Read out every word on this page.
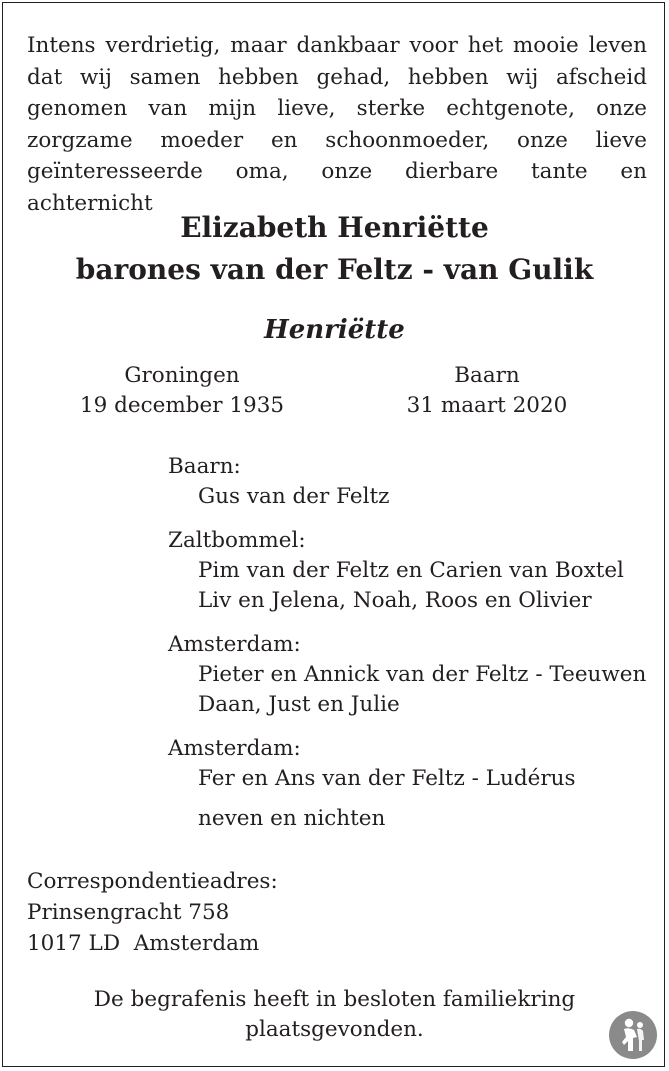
Intens verdrietig, maar dankbaar voor het mooie leven dat wij samen hebben gehad, hebben wij afscheid genomen van mijn lieve, sterke echtgenote, onze zorgzame moeder en schoonmoeder, onze lieve geïnteresseerde oma, onze dierbare tante en achternicht

Elizabeth Henriëtte

barones van der Feltz - van Gulik

Henriëtte

Groningen
19 december 1935
Baarn
31 maart 2020

Baarn:

Gus van der Feltz

Zaltbommel:

Pim van der Feltz en Carien van Boxtel

Liv en Jelena, Noah, Roos en Olivier

Amsterdam:

Pieter en Annick van der Feltz - Teeuwen

Daan, Just en Julie

Amsterdam:

Fer en Ans van der Feltz - Ludérus

neven en nichten

Correspondentieadres:
Prinsengracht 758
1017 LD  Amsterdam
De begrafenis heeft in besloten familiekring
plaatsgevonden.
